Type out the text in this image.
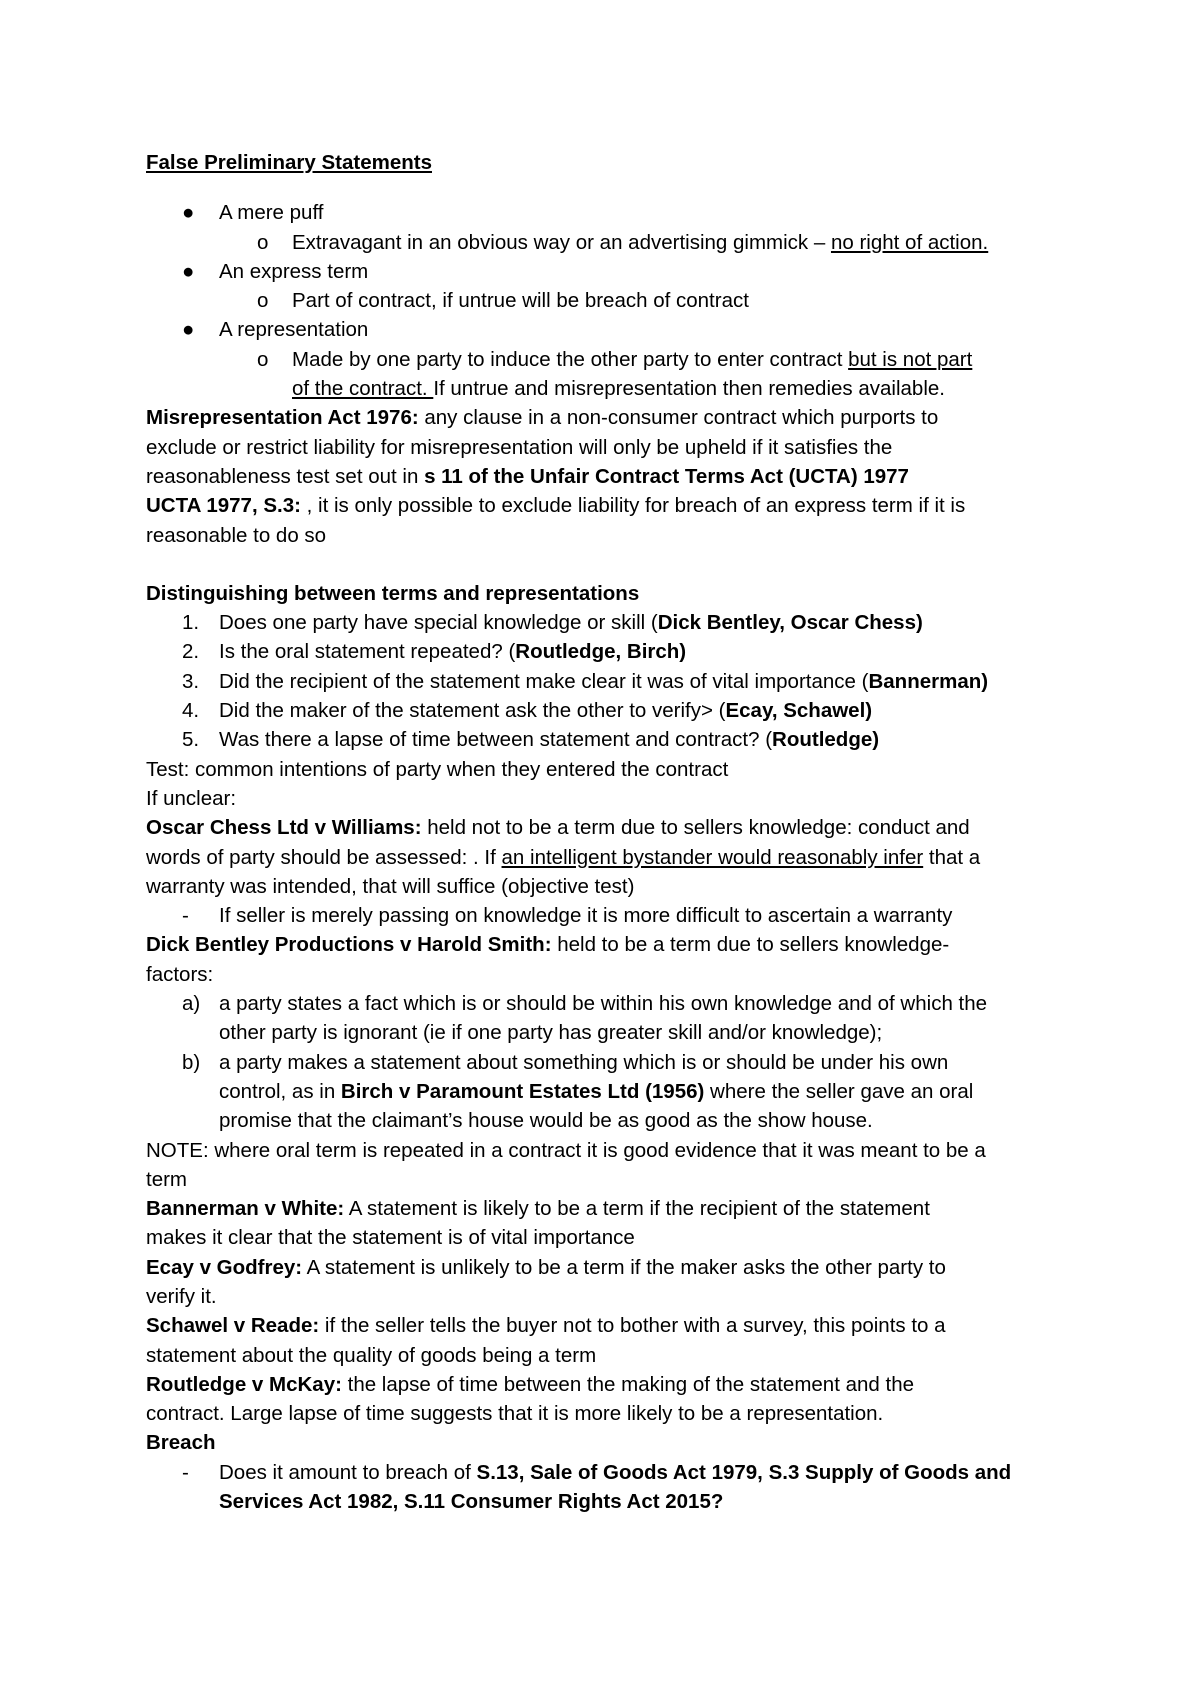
False Preliminary Statements
● A mere puff
o Extravagant in an obvious way or an advertising gimmick – no right of action.
● An express term
o Part of contract, if untrue will be breach of contract
● A representation
o Made by one party to induce the other party to enter contract but is not part
of the contract. If untrue and misrepresentation then remedies available.
Misrepresentation Act 1976: any clause in a non-consumer contract which purports to
exclude or restrict liability for misrepresentation will only be upheld if it satisfies the
reasonableness test set out in s 11 of the Unfair Contract Terms Act (UCTA) 1977
UCTA 1977, S.3: , it is only possible to exclude liability for breach of an express term if it is
reasonable to do so
Distinguishing between terms and representations
1. Does one party have special knowledge or skill (Dick Bentley, Oscar Chess)
2. Is the oral statement repeated? (Routledge, Birch)
3. Did the recipient of the statement make clear it was of vital importance (Bannerman)
4. Did the maker of the statement ask the other to verify> (Ecay, Schawel)
5. Was there a lapse of time between statement and contract? (Routledge)
Test: common intentions of party when they entered the contract
If unclear:
Oscar Chess Ltd v Williams: held not to be a term due to sellers knowledge: conduct and
words of party should be assessed: . If an intelligent bystander would reasonably infer that a
warranty was intended, that will suffice (objective test)
- If seller is merely passing on knowledge it is more difficult to ascertain a warranty
Dick Bentley Productions v Harold Smith: held to be a term due to sellers knowledge-
factors:
a) a party states a fact which is or should be within his own knowledge and of which the
other party is ignorant (ie if one party has greater skill and/or knowledge);
b) a party makes a statement about something which is or should be under his own
control, as in Birch v Paramount Estates Ltd (1956) where the seller gave an oral
promise that the claimant’s house would be as good as the show house.
NOTE: where oral term is repeated in a contract it is good evidence that it was meant to be a
term
Bannerman v White: A statement is likely to be a term if the recipient of the statement
makes it clear that the statement is of vital importance
Ecay v Godfrey: A statement is unlikely to be a term if the maker asks the other party to
verify it.
Schawel v Reade: if the seller tells the buyer not to bother with a survey, this points to a
statement about the quality of goods being a term
Routledge v McKay: the lapse of time between the making of the statement and the
contract. Large lapse of time suggests that it is more likely to be a representation.
Breach
- Does it amount to breach of S.13, Sale of Goods Act 1979, S.3 Supply of Goods and
Services Act 1982, S.11 Consumer Rights Act 2015?
